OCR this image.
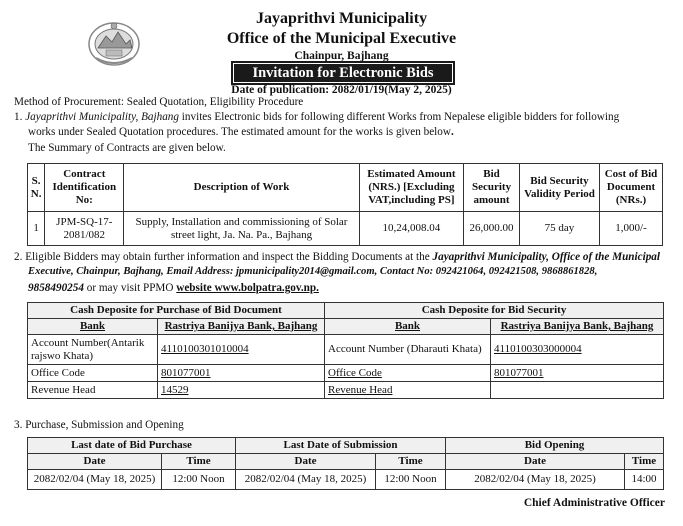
Jayaprithvi Municipality
Office of the Municipal Executive
Chainpur, Bajhang
Invitation for Electronic Bids
Date of publication: 2082/01/19(May 2, 2025)
Method of Procurement: Sealed Quotation, Eligibility Procedure
1. Jayaprithvi Municipality, Bajhang invites Electronic bids for following different Works from Nepalese eligible bidders for following
works under Sealed Quotation procedures. The estimated amount for the works is given below.
The Summary of Contracts are given below.
S. N.	Contract Identification No:	Description of Work	Estimated Amount (NRS.) [Excluding VAT,including PS]	Bid Security amount	Bid Security Validity Period	Cost of Bid Document (NRs.)
1	JPM-SQ-17-2081/082	Supply, Installation and commissioning of Solar street light, Ja. Na. Pa., Bajhang	10,24,008.04	26,000.00	75 day	1,000/-
2. Eligible Bidders may obtain further information and inspect the Bidding Documents at the Jayaprithvi Municipality, Office of the Municipal
Executive, Chainpur, Bajhang, Email Address: jpmunicipality2014@gmail.com, Contact No: 092421064, 092421508, 9868861828,
9858490254 or may visit PPMO website www.bolpatra.gov.np.
Cash Deposite for Purchase of Bid Document		Cash Deposite for Bid Security	
Bank	Rastriya Banijya Bank, Bajhang	Bank	Rastriya Banijya Bank, Bajhang
Account Number(Antarik rajswo Khata)	4110100301010004	Account Number (Dharauti Khata)	4110100303000004
Office Code	801077001	Office Code	801077001
Revenue Head	14529	Revenue Head	
3. Purchase, Submission and Opening
Last date of Bid Purchase		Last Date of Submission		Bid Opening	
Date	Time	Date	Time	Date	Time
2082/02/04 (May 18, 2025)	12:00 Noon	2082/02/04 (May 18, 2025)	12:00 Noon	2082/02/04 (May 18, 2025)	14:00
Chief Administrative Officer
